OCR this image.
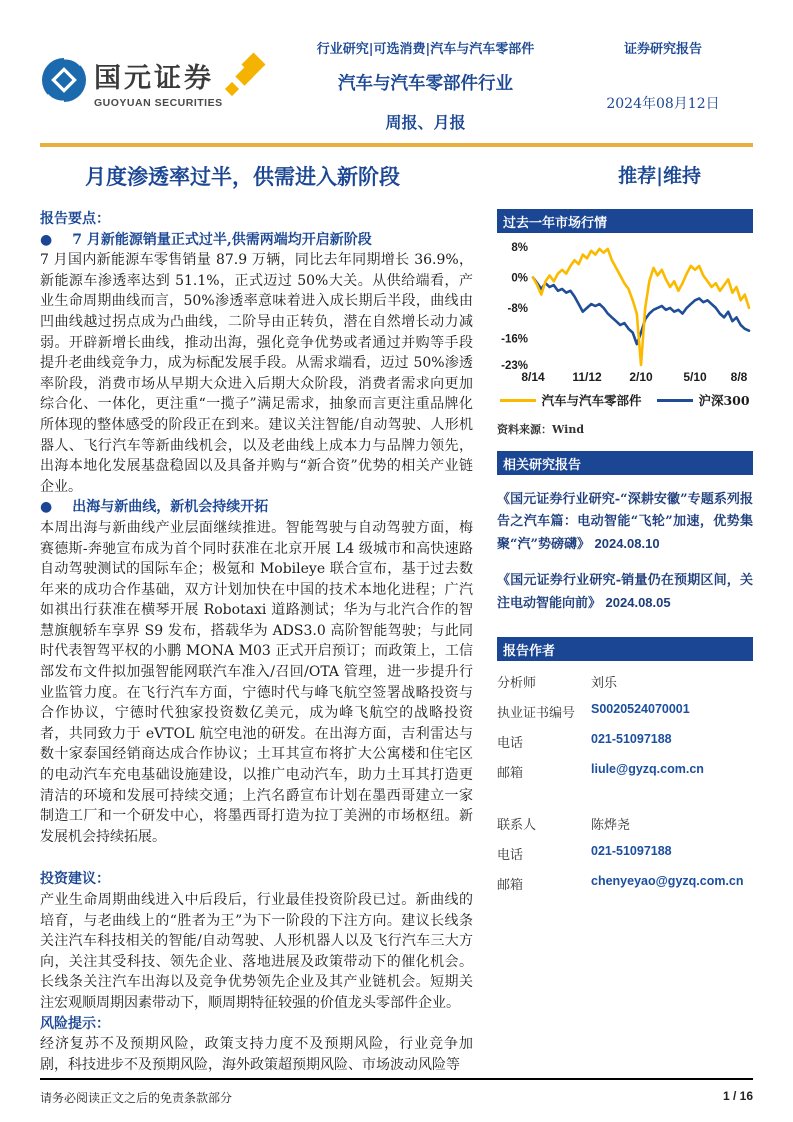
国元证券
GUOYUAN SECURITIES
行业研究|可选消费|汽车与汽车零部件
汽车与汽车零部件行业
周报、月报
证券研究报告
2024年08月12日
月度渗透率过半，供需进入新阶段	推荐|维持
报告要点：
● 7 月新能源销量正式过半,供需两端均开启新阶段

7 月国内新能源车零售销量 87.9 万辆，同比去年同期增长 36.9%，新能源车渗透率达到 51.1%，正式迈过 50%大关。从供给端看，产业生命周期曲线而言，50%渗透率意味着进入成长期后半段，曲线由凹曲线越过拐点成为凸曲线，二阶导由正转负，潜在自然增长动力减弱。开辟新增长曲线，推动出海，强化竞争优势或者通过并购等手段提升老曲线竞争力，成为标配发展手段。从需求端看，迈过 50%渗透率阶段，消费市场从早期大众进入后期大众阶段，消费者需求向更加综合化、一体化，更注重“一揽子”满足需求，抽象而言更注重品牌化所体现的整体感受的阶段正在到来。建议关注智能/自动驾驶、人形机器人、飞行汽车等新曲线机会，以及老曲线上成本力与品牌力领先，出海本地化发展基盘稳固以及具备并购与“新合资”优势的相关产业链企业。

● 出海与新曲线，新机会持续开拓

本周出海与新曲线产业层面继续推进。智能驾驶与自动驾驶方面，梅赛德斯-奔驰宣布成为首个同时获准在北京开展 L4 级城市和高快速路自动驾驶测试的国际车企；极氪和 Mobileye 联合宣布，基于过去数年来的成功合作基础，双方计划加快在中国的技术本地化进程；广汽如祺出行获准在横琴开展 Robotaxi 道路测试；华为与北汽合作的智慧旗舰轿车享界 S9 发布，搭载华为 ADS3.0 高阶智能驾驶；与此同时代表智驾平权的小鹏 MONA M03 正式开启预订；而政策上，工信部发布文件拟加强智能网联汽车准入/召回/OTA 管理，进一步提升行业监管力度。在飞行汽车方面，宁德时代与峰飞航空签署战略投资与合作协议，宁德时代独家投资数亿美元，成为峰飞航空的战略投资者，共同致力于 eVTOL 航空电池的研发。在出海方面，吉利雷达与数十家泰国经销商达成合作协议；土耳其宣布将扩大公寓楼和住宅区的电动汽车充电基础设施建设，以推广电动汽车，助力土耳其打造更清洁的环境和发展可持续交通；上汽名爵宣布计划在墨西哥建立一家制造工厂和一个研发中心，将墨西哥打造为拉丁美洲的市场枢纽。新发展机会持续拓展。

投资建议：

产业生命周期曲线进入中后段后，行业最佳投资阶段已过。新曲线的培育，与老曲线上的“胜者为王”为下一阶段的下注方向。建议长线条关注汽车科技相关的智能/自动驾驶、人形机器人以及飞行汽车三大方向，关注其受科技、领先企业、落地进展及政策带动下的催化机会。长线条关注汽车出海以及竞争优势领先企业及其产业链机会。短期关注宏观顺周期因素带动下，顺周期特征较强的价值龙头零部件企业。

风险提示：

经济复苏不及预期风险，政策支持力度不及预期风险，行业竞争加剧，科技进步不及预期风险，海外政策超预期风险、市场波动风险等

过去一年市场行情
8%
0%
-8%
-16%
-23%
8/14 11/12 2/10	5/10 8/8
汽车与汽车零部件	沪深300
资料来源：Wind
相关研究报告
《国元证券行业研究-“深耕安徽”专题系列报告之汽车篇：电动智能“飞轮”加速，优势集聚“汽”势磅礴》 2024.08.10
《国元证券行业研究-销量仍在预期区间，关注电动智能向前》 2024.08.05
报告作者
分析师	刘乐
执业证书编号	S0020524070001
电话	021-51097188
邮箱	liule@gyzq.com.cn
联系人	陈烨尧
电话	021-51097188
邮箱	chenyeyao@gyzq.com.cn
请务必阅读正文之后的免责条款部分	1 / 16
